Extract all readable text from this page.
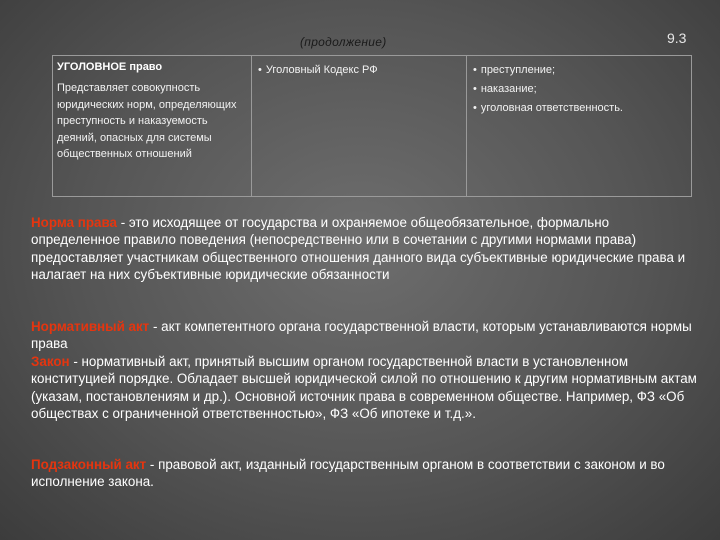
(продолжение)	9.3
УГОЛОВНОЕ право
Представляет совокупность юридических норм, определяющих преступность и наказуемость деяний, опасных для системы общественных отношений
• Уголовный Кодекс РФ
•	преступление;
• наказание;
• уголовная ответственность.
Норма права - это исходящее от государства и охраняемое общеобязательное, формально определенное правило поведения (непосредственно или в сочетании с другими нормами права) предоставляет участникам общественного отношения данного вида субъективные юридические права и налагает на них субъективные юридические обязанности
Нормативный акт - акт компетентного органа государственной власти, которым устанавливаются нормы права
Закон - нормативный акт, принятый высшим органом государственной власти в установленном конституцией порядке. Обладает высшей юридической силой по отношению к другим нормативным актам (указам, постановлениям и др.). Основной источник права в современном обществе. Например, ФЗ «Об обществах с ограниченной ответственностью», ФЗ «Об ипотеке и т.д.».
Подзаконный акт - правовой акт, изданный государственным органом в соответствии с законом и во исполнение закона.
